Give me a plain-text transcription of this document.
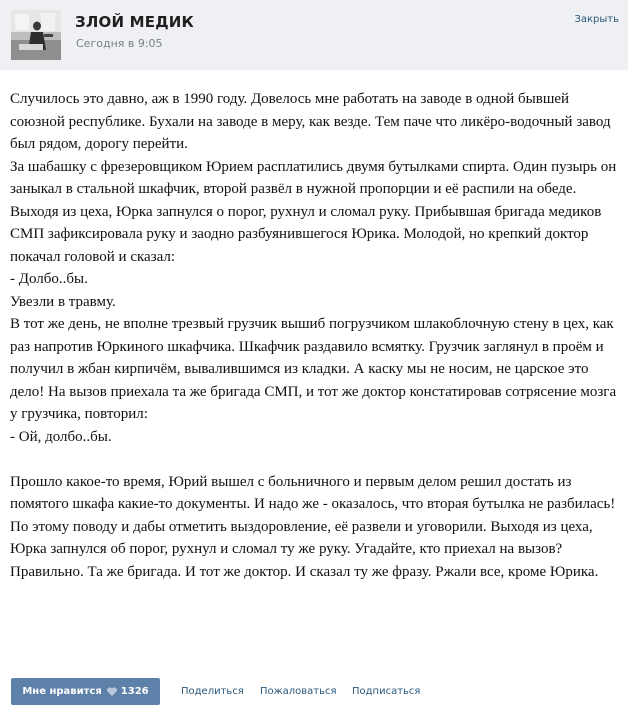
ЗЛОЙ МЕДИК
Сегодня в 9:05
Закрыть
Случилось это давно, аж в 1990 году. Довелось мне работать на заводе в одной бывшей союзной республике. Бухали на заводе в меру, как везде. Тем паче что ликёро-водочный завод был рядом, дорогу перейти.
За шабашку с фрезеровщиком Юрием расплатились двумя бутылками спирта. Один пузырь он заныкал в стальной шкафчик, второй развёл в нужной пропорции и её распили на обеде. Выходя из цеха, Юрка запнулся о порог, рухнул и сломал руку. Прибывшая бригада медиков СМП зафиксировала руку и заодно разбуянившегося Юрика. Молодой, но крепкий доктор покачал головой и сказал:
- Долбо..бы.
Увезли в травму.
В тот же день, не вполне трезвый грузчик вышиб погрузчиком шлакоблочную стену в цех, как раз напротив Юркиного шкафчика. Шкафчик раздавило всмятку. Грузчик заглянул в проём и получил в жбан кирпичём, вывалившимся из кладки. А каску мы не носим, не царское это дело! На вызов приехала та же бригада СМП, и тот же доктор констатировав сотрясение мозга у грузчика, повторил:
- Ой, долбо..бы.

Прошло какое-то время, Юрий вышел с больничного и первым делом решил достать из помятого шкафа какие-то документы. И надо же - оказалось, что вторая бутылка не разбилась! По этому поводу и дабы отметить выздоровление, её развели и уговорили. Выходя из цеха, Юрка запнулся об порог, рухнул и сломал ту же руку. Угадайте, кто приехал на вызов? Правильно. Та же бригада. И тот же доктор. И сказал ту же фразу. Ржали все, кроме Юрика.
Мне нравится 1326	Поделиться Пожаловаться Подписаться
